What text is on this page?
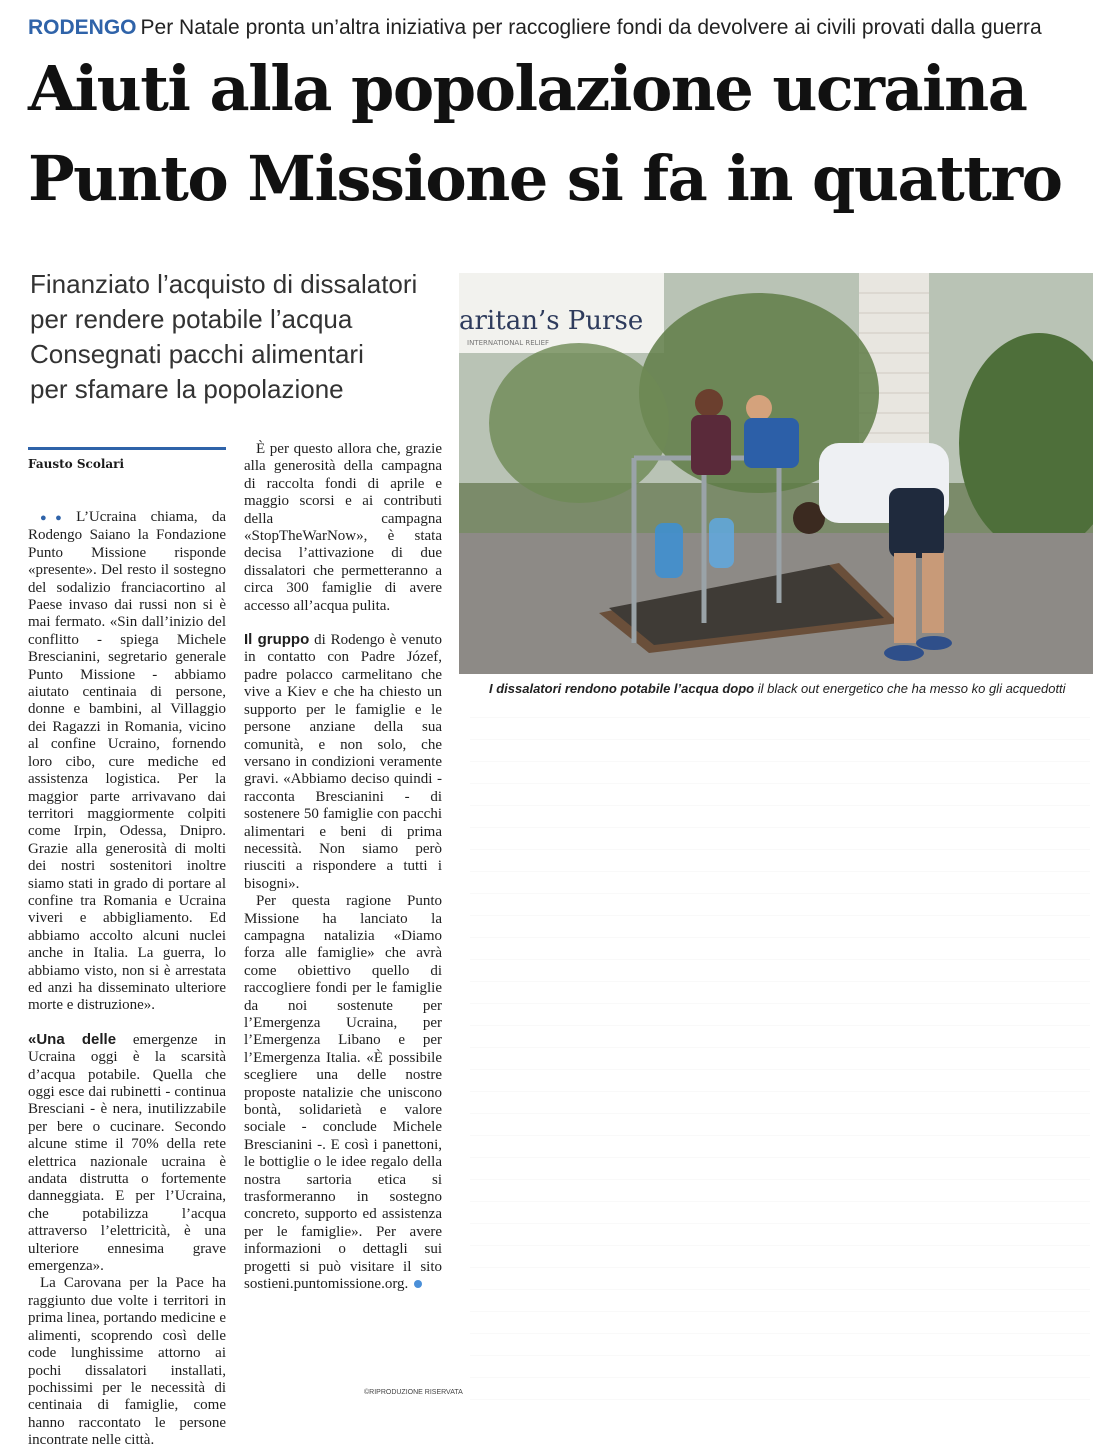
RODENGO Per Natale pronta un’altra iniziativa per raccogliere fondi da devolvere ai civili provati dalla guerra
Aiuti alla popolazione ucraina
Punto Missione si fa in quattro
Finanziato l’acquisto di dissalatori
per rendere potabile l’acqua
Consegnati pacchi alimentari
per sfamare la popolazione
Fausto Scolari

●● L’Ucraina chiama, da Rodengo Saiano la Fondazione Punto Missione risponde «presente». Del resto il sostegno del sodalizio franciacortino al Paese invaso dai russi non si è mai fermato. «Sin dall’inizio del conflitto - spiega Michele Brescianini, segretario generale Punto Missione - abbiamo aiutato centinaia di persone, donne e bambini, al Villaggio dei Ragazzi in Romania, vicino al confine Ucraino, fornendo loro cibo, cure mediche ed assistenza logistica. Per la maggior parte arrivavano dai territori maggiormente colpiti come Irpin, Odessa, Dnipro. Grazie alla generosità di molti dei nostri sostenitori inoltre siamo stati in grado di portare al confine tra Romania e Ucraina viveri e abbigliamento. Ed abbiamo accolto alcuni nuclei anche in Italia. La guerra, lo abbiamo visto, non si è arrestata ed anzi ha disseminato ulteriore morte e distruzione».

«Una delle emergenze in Ucraina oggi è la scarsità d’acqua potabile. Quella che oggi esce dai rubinetti - continua Bresciani - è nera, inutilizzabile per bere o cucinare. Secondo alcune stime il 70% della rete elettrica nazionale ucraina è andata distrutta o fortemente danneggiata. E per l’Ucraina, che potabilizza l’acqua attraverso l’elettricità, è una ulteriore ennesima grave emergenza».

La Carovana per la Pace ha raggiunto due volte i territori in prima linea, portando medicine e alimenti, scoprendo così delle code lunghissime attorno ai pochi dissalatori installati, pochissimi per le necessità di centinaia di famiglie, come hanno raccontato le persone incontrate nelle città.

È per questo allora che, grazie alla generosità della campagna di raccolta fondi di aprile e maggio scorsi e ai contributi della campagna «StopTheWarNow», è stata decisa l’attivazione di due dissalatori che permetteranno a circa 300 famiglie di avere accesso all’acqua pulita.

Il gruppo di Rodengo è venuto in contatto con Padre Józef, padre polacco carmelitano che vive a Kiev e che ha chiesto un supporto per le famiglie e le persone anziane della sua comunità, e non solo, che versano in condizioni veramente gravi. «Abbiamo deciso quindi - racconta Brescianini - di sostenere 50 famiglie con pacchi alimentari e beni di prima necessità. Non siamo però riusciti a rispondere a tutti i bisogni».

Per questa ragione Punto Missione ha lanciato la campagna natalizia «Diamo forza alle famiglie» che avrà come obiettivo quello di raccogliere fondi per le famiglie da noi sostenute per l’Emergenza Ucraina, per l’Emergenza Libano e per l’Emergenza Italia. «È possibile scegliere una delle nostre proposte natalizie che uniscono bontà, solidarietà e valore sociale - conclude Michele Brescianini -. E così i panettoni, le bottiglie o le idee regalo della nostra sartoria etica si trasformeranno in sostegno concreto, supporto ed assistenza per le famiglie». Per avere informazioni o dettagli sui progetti si può visitare il sito sostieni.puntomissione.org.

©RIPRODUZIONE RISERVATA
aritan’s Purse
INTERNATIONAL RELIEF
I dissalatori rendono potabile l’acqua dopo il black out energetico che ha messo ko gli acquedotti
